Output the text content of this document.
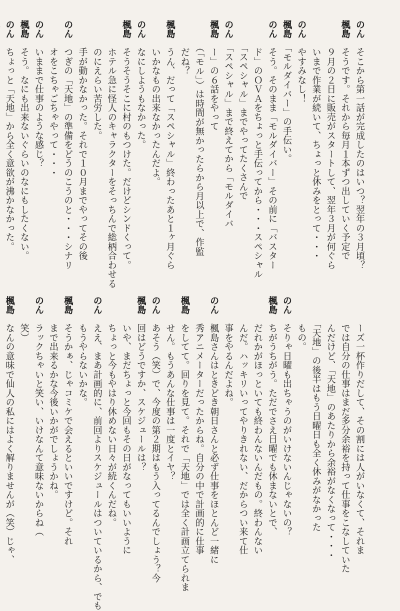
のん　そこから第一話が完成したのはいつ？翌年の３月頃？
楓島　そうです。それから毎月１本ずつ出していく予定で
　　　９月の２日に販売がスタートして、翌年３月が何ぐら
　　　いまで作業が続いて、ちょっと休みをとって・・・
のん　やすみなし！
楓島　「モルダイバー」の手伝い。
のん　そう。そのまま「モルダイバー」その前に「バスター
　　　ド」のＯＶＡをちょっと手伝ってから・・・スペシャル
　　　「スペシャル」までやってたくさんで
のん　「スペシャル」まで終えてから「モルダイバ
楓島　ー」の６話をやって
　　　（「モル」）は時間が無かったらから月以上で、作監
　　　だね？
楓島　うん、だって「スペシャル」終わったあと１ヶ月ぐら
　　　いかなもの出来なかったんだよ。
のん　なにしようもなかった。
楓島　そうそうそこに村のもつけた。だけどシンドくって。
　　　ホテル急に怪人のキャラクターをそっちんで総柄合わせる
　　　のにえらい苦労した。
　　　手が動かなかった。それで１０月までやってその後
のん　つぎの「天地」の準備をどうのこうのと・・・シナリ
　　　オをこちゃごちゃやって・・・
のん　いままで仕事のような感じ？
楓島　そう。なにも出来ないぐらいのなにもしたくない。
のん　ちょっと「天地」から全く意欲が沸かなかった。

　　　ーズ一杯作りだして、その割には人がいなくて、それま
　　　では自分の仕事はまだ多分余裕を持って仕事をこなしていた
　　　んだけど、「天地」のあたりから余裕がなくなって・・・
　　　「天地」の後半はもう日曜日も全く休みがなかった
　　　もの。
のん　そりゃ日曜も出ちゃうのがいけないんじゃないの？
楓島　ちがうちがう。ただでさえ日曜でも休まないとで、
　　　だれかがほっといても終わんないんだもの。終わんない
　　　んだ。ハッキリいってやりきれない、だからつい来て仕
　　　事をやるんだよね。
のん　楓島さんはときどき朝日さんと必ず仕事をほとんど一緒に
　　　秀アニメーターだったからね。自分の中で計画的に仕事
楓島　をしてて。回りを見て。それで「天地」では全く計画立てられま
　　　せん。もうあんな仕事は一度とイヤ？
のん　あそう（笑）で、今度の第２期はもう入ってるんでしょう？今
楓島　回はどうですか、スケジュールは？
　　　いや、まだちょっと今回もその日がなってもいいように
　　　ちょっと今もやはり休めない日々が続くんだね。
のん　ええ、まあ計画的に、前回よりスケジュールはついているから、でも
　　　もうやらないかな。
楓島　そうかぁ、じゃコミケで会えるといいですけど。それ
　　　まで出来るかな今後いかがでしょうかね。
のん　ラックちゃいと笑い、いけなんて意味ないからね（
　　　笑）
楓島　なんの意味で仙人の私にはよく解りませんが（笑）じゃ、
